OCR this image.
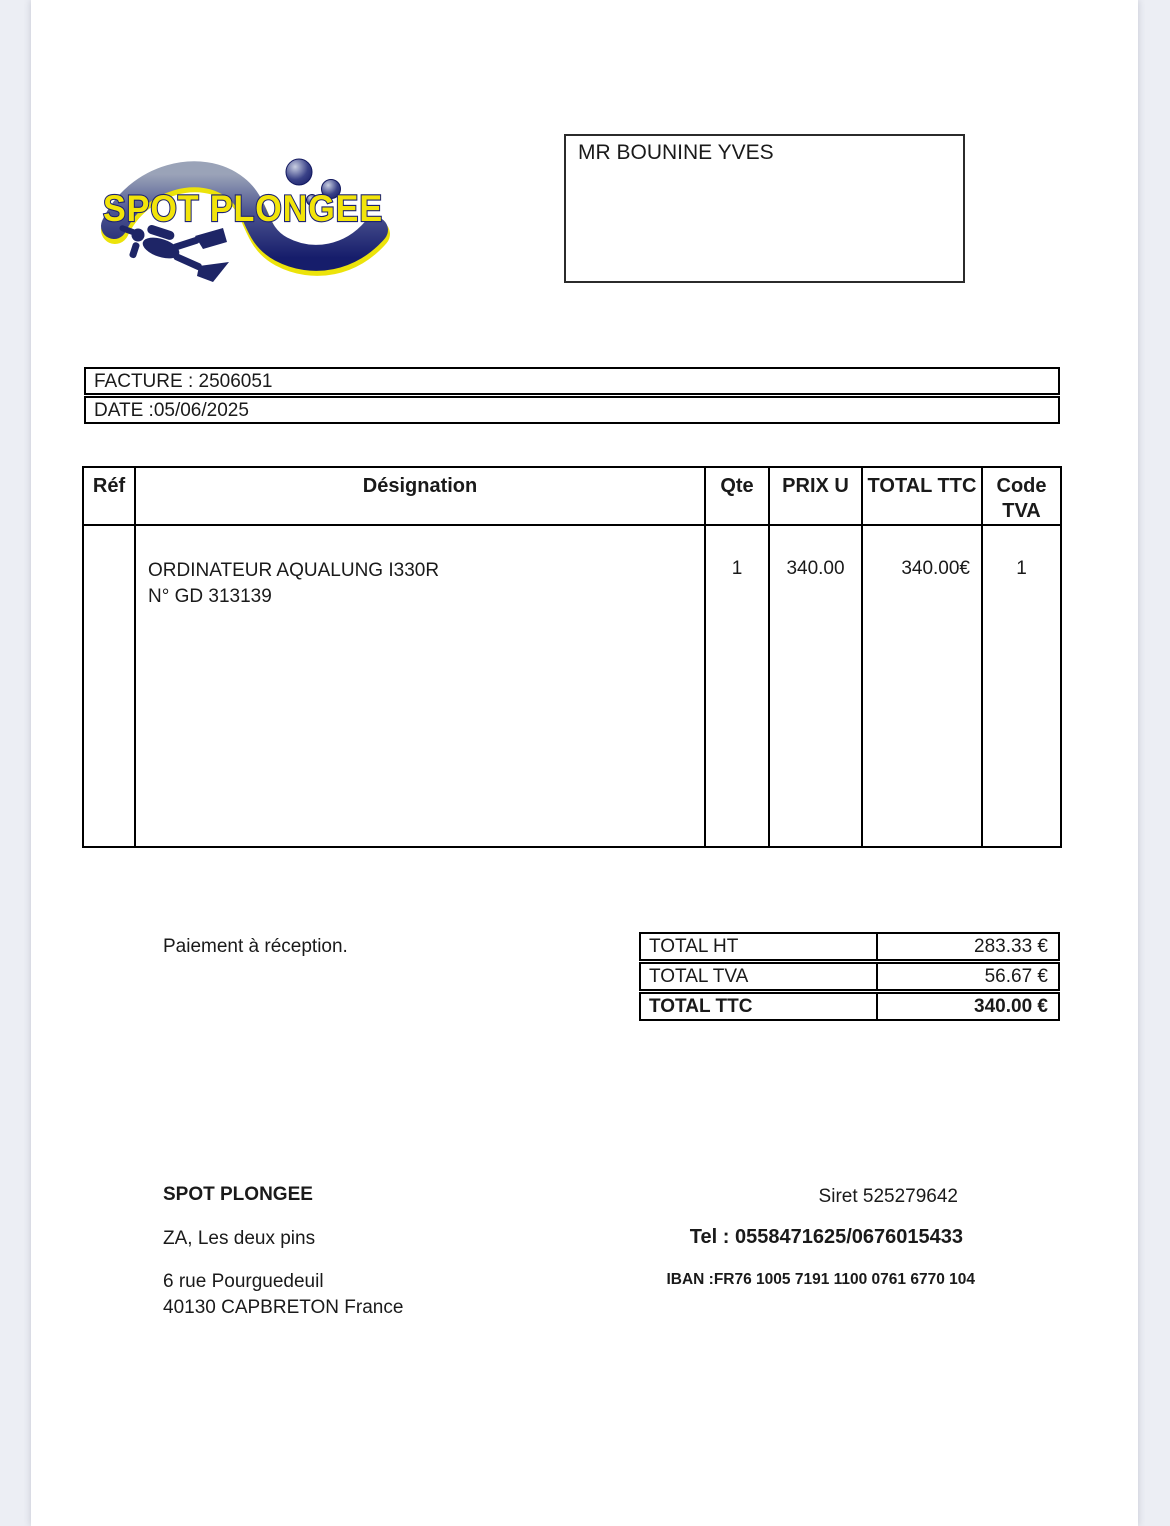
SPOT PLONGEE
MR BOUNINE YVES
FACTURE : 2506051
DATE :05/06/2025
Réf	Désignation	Qte	PRIX U	TOTAL TTC	Code TVA

	ORDINATEUR AQUALUNG I330R
N° GD 313139	1	340.00	340.00€	1
Paiement à réception.	TOTAL HT	283.33 €
TOTAL TVA	56.67 €
TOTAL TTC	340.00 €
SPOT PLONGEE
ZA, Les deux pins
6 rue Pourguedeuil
40130 CAPBRETON France
Siret 525279642
Tel : 0558471625/0676015433
IBAN :FR76 1005 7191 1100 0761 6770 104
